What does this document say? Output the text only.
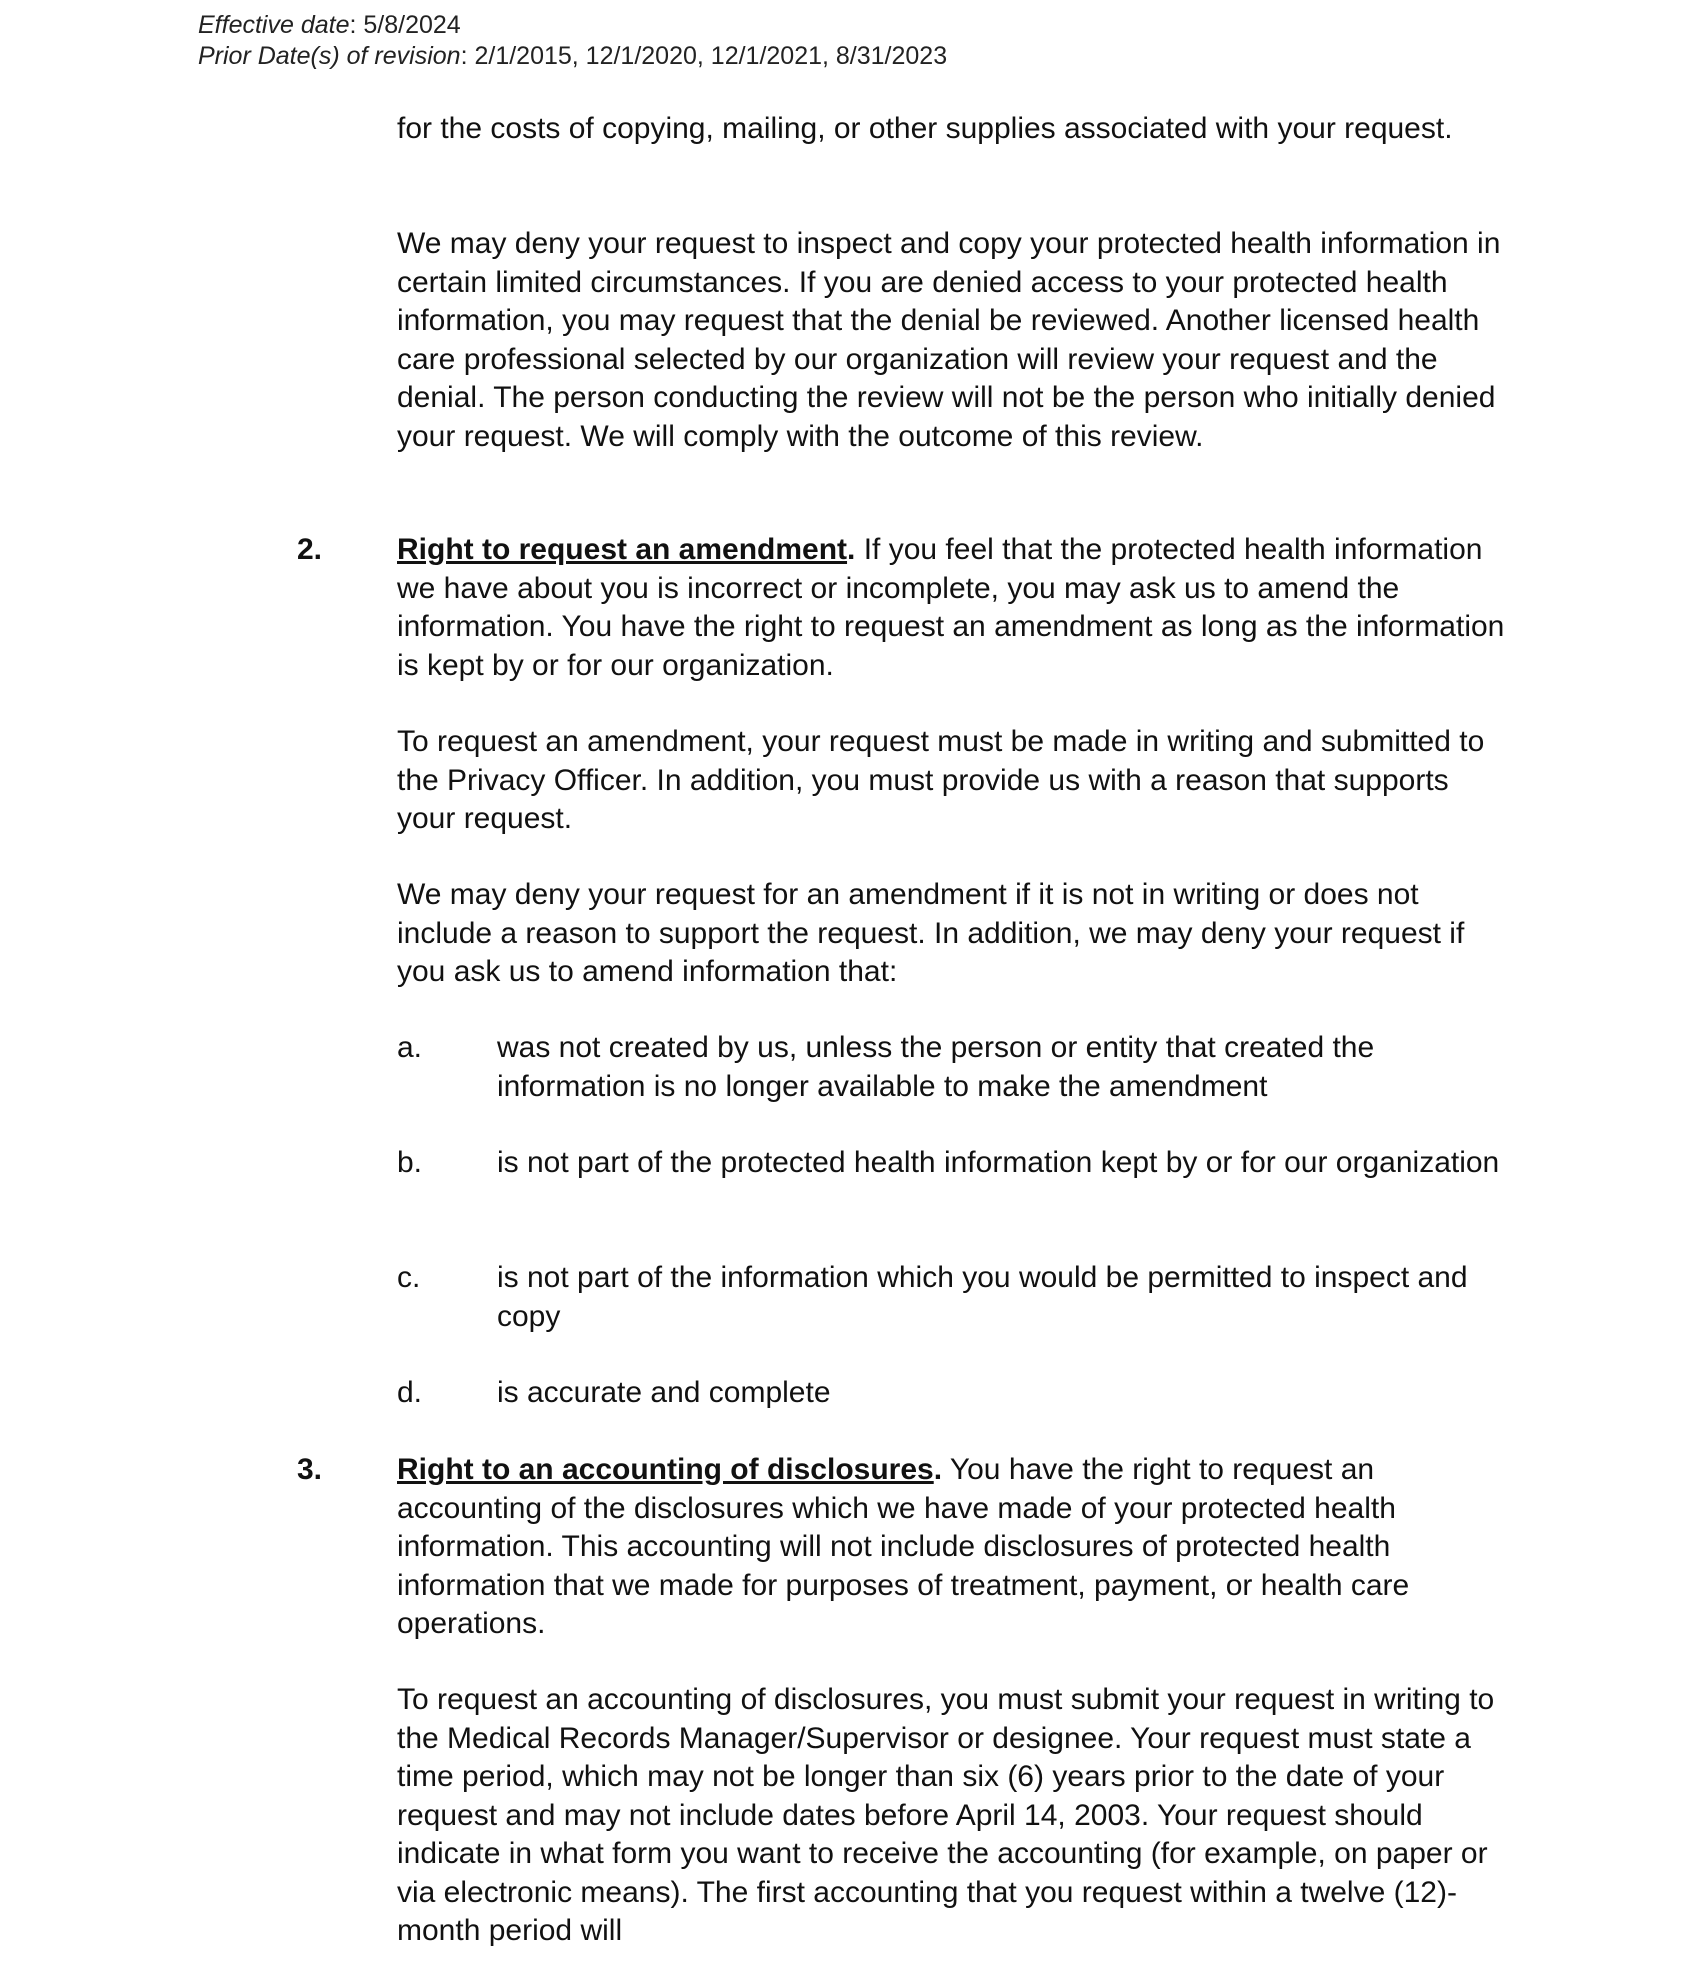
Effective date: 5/8/2024
Prior Date(s) of revision: 2/1/2015, 12/1/2020, 12/1/2021, 8/31/2023

for the costs of copying, mailing, or other supplies associated with your request.

We may deny your request to inspect and copy your protected health information in certain limited circumstances. If you are denied access to your protected health information, you may request that the denial be reviewed. Another licensed health care professional selected by our organization will review your request and the denial. The person conducting the review will not be the person who initially denied your request. We will comply with the outcome of this review.

2. Right to request an amendment. If you feel that the protected health information we have about you is incorrect or incomplete, you may ask us to amend the information. You have the right to request an amendment as long as the information is kept by or for our organization.

To request an amendment, your request must be made in writing and submitted to the Privacy Officer. In addition, you must provide us with a reason that supports your request.

We may deny your request for an amendment if it is not in writing or does not include a reason to support the request. In addition, we may deny your request if you ask us to amend information that:

a. was not created by us, unless the person or entity that created the information is no longer available to make the amendment
b. is not part of the protected health information kept by or for our organization
c.	is not part of the information which you would be permitted to inspect and copy
d. is accurate and complete
3. Right to an accounting of disclosures. You have the right to request an accounting of the disclosures which we have made of your protected health information. This accounting will not include disclosures of protected health information that we made for purposes of treatment, payment, or health care operations.

To request an accounting of disclosures, you must submit your request in writing to the Medical Records Manager/Supervisor or designee. Your request must state a time period, which may not be longer than six (6) years prior to the date of your request and may not include dates before April 14, 2003. Your request should indicate in what form you want to receive the accounting (for example, on paper or via electronic means). The first accounting that you request within a twelve (12)-month period will
